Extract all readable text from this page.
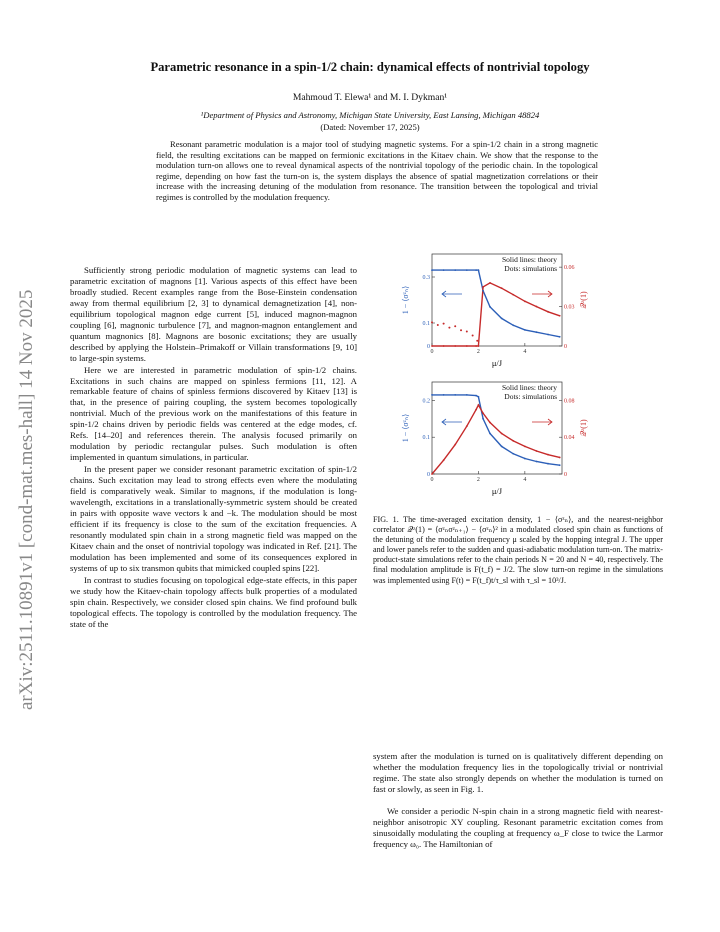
arXiv:2511.10891v1 [cond-mat.mes-hall] 14 Nov 2025
Parametric resonance in a spin-1/2 chain: dynamical effects of nontrivial topology
Mahmoud T. Elewa¹ and M. I. Dykman¹
¹Department of Physics and Astronomy, Michigan State University, East Lansing, Michigan 48824
(Dated: November 17, 2025)
Resonant parametric modulation is a major tool of studying magnetic systems. For a spin-1/2 chain in a strong magnetic field, the resulting excitations can be mapped on fermionic excitations in the Kitaev chain. We show that the response to the modulation turn-on allows one to reveal dynamical aspects of the nontrivial topology of the periodic chain. In the topological regime, depending on how fast the turn-on is, the system displays the absence of spatial magnetization correlations or their increase with the increasing detuning of the modulation from resonance. The transition between the topological and trivial regimes is controlled by the modulation frequency.

Sufficiently strong periodic modulation of magnetic systems can lead to parametric excitation of magnons [1]. Various aspects of this effect have been broadly studied. Recent examples range from the Bose-Einstein condensation away from thermal equilibrium [2, 3] to dynamical demagnetization [4], non-equilibrium topological magnon edge current [5], induced magnon-magnon coupling [6], magnonic turbulence [7], and magnon-magnon entanglement and quantum magnonics [8]. Magnons are bosonic excitations; they are usually described by applying the Holstein–Primakoff or Villain transformations [9, 10] to large-spin systems.

Here we are interested in parametric modulation of spin-1/2 chains. Excitations in such chains are mapped on spinless fermions [11, 12]. A remarkable feature of chains of spinless fermions discovered by Kitaev [13] is that, in the presence of pairing coupling, the system becomes topologically nontrivial. Much of the previous work on the manifestations of this feature in spin-1/2 chains driven by periodic fields was centered at the edge modes, cf. Refs. [14–20] and references therein. The analysis focused primarily on modulation by periodic rectangular pulses. Such modulation is often implemented in quantum simulations, in particular.

In the present paper we consider resonant parametric excitation of spin-1/2 chains. Such excitation may lead to strong effects even where the modulating field is comparatively weak. Similar to magnons, if the modulation is long-wavelength, excitations in a translationally-symmetric system should be created in pairs with opposite wave vectors k and −k. The modulation should be most efficient if its frequency is close to the sum of the excitation frequencies. A resonantly modulated spin chain in a strong magnetic field was mapped on the Kitaev chain and the onset of nontrivial topology was indicated in Ref. [21]. The modulation has been implemented and some of its consequences explored in systems of up to six transmon qubits that mimicked coupled spins [22].

In contrast to studies focusing on topological edge-state effects, in this paper we study how the Kitaev-chain topology affects bulk properties of a modulated spin chain. Respectively, we consider closed spin chains. We find profound bulk topological effects. The topology is controlled by the modulation frequency. The state of the

0	2	4
0.3
0.1
0
0.06
0.03
0
Solid lines: theory
Dots: simulations
1 − ⟨σᶻₙ⟩	𝒬ᶻ(1)
μ/J
0	2	4
0.2
0.1
0
0.08
0.04
0
Solid lines: theory
Dots: simulations
1 − ⟨σᶻₙ⟩	𝒬ᶻ(1)
μ/J
FIG. 1. The time-averaged excitation density, 1 − ⟨σᶻₙ⟩, and the nearest-neighbor correlator 𝒬ᶻ(1) = ⟨σᶻₙσᶻₙ₊₁⟩ − ⟨σᶻₙ⟩² in a modulated closed spin chain as functions of the detuning of the modulation frequency μ scaled by the hopping integral J. The upper and lower panels refer to the sudden and quasi-adiabatic modulation turn-on. The matrix-product-state simulations refer to the chain periods N = 20 and N = 40, respectively. The final modulation amplitude is F(t_f) = J/2. The slow turn-on regime in the simulations was implemented using F(t) = F(t_f)t/τ_sl with τ_sl = 10³/J.

system after the modulation is turned on is qualitatively different depending on whether the modulation frequency lies in the topologically trivial or nontrivial regime. The state also strongly depends on whether the modulation is turned on fast or slowly, as seen in Fig. 1.

We consider a periodic N-spin chain in a strong magnetic field with nearest-neighbor anisotropic XY coupling. Resonant parametric excitation comes from sinusoidally modulating the coupling at frequency ω_F close to twice the Larmor frequency ω₀. The Hamiltonian of
